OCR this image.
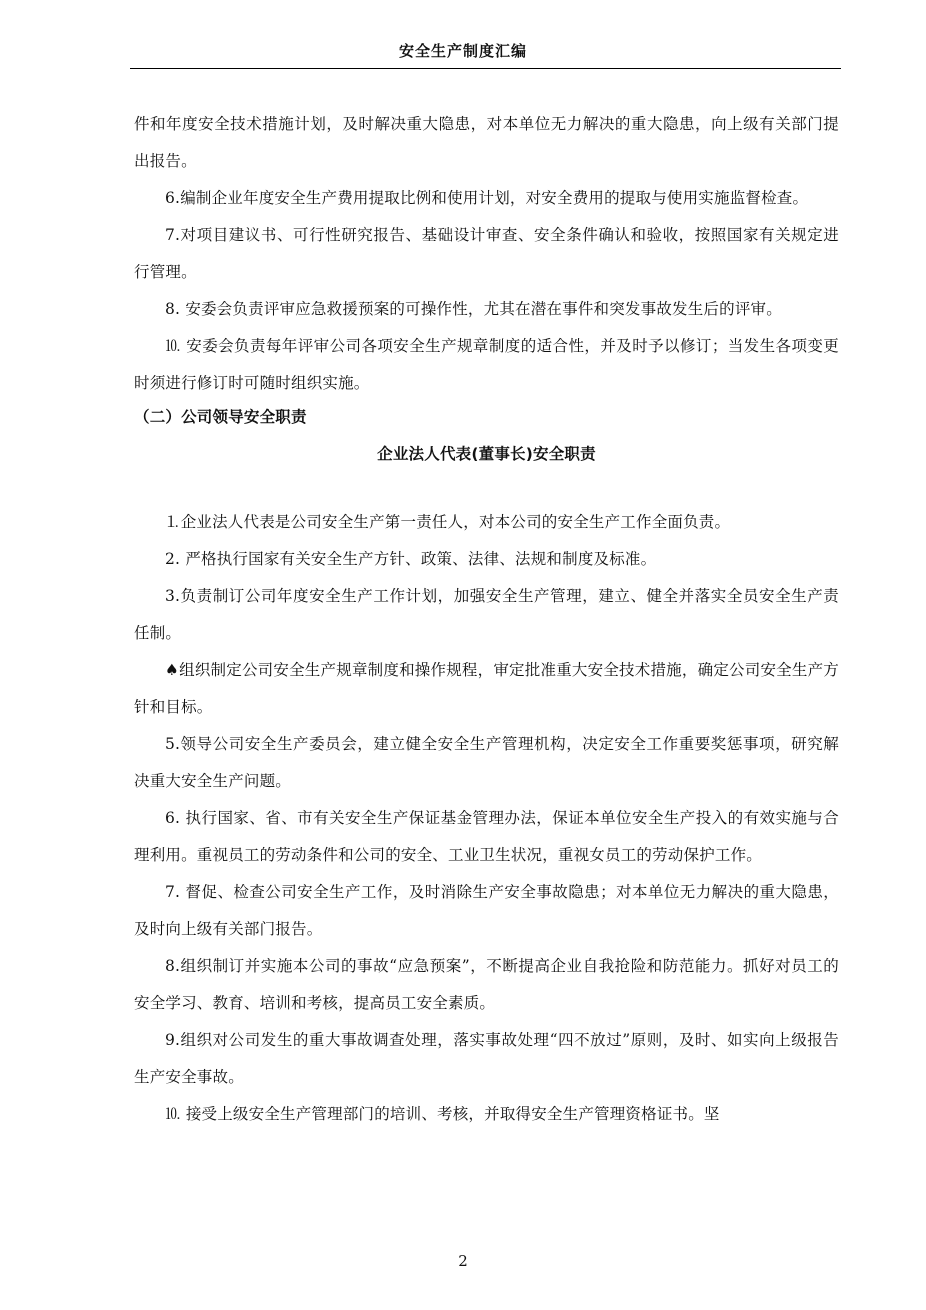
安全生产制度汇编

件和年度安全技术措施计划，及时解决重大隐患，对本单位无力解决的重大隐患，向上级有关部门提出报告。

6.编制企业年度安全生产费用提取比例和使用计划，对安全费用的提取与使用实施监督检查。

7.对项目建议书、可行性研究报告、基础设计审查、安全条件确认和验收，按照国家有关规定进行管理。

8. 安委会负责评审应急救援预案的可操作性，尤其在潜在事件和突发事故发生后的评审。

⒑ 安委会负责每年评审公司各项安全生产规章制度的适合性，并及时予以修订；当发生各项变更时须进行修订时可随时组织实施。

（二）公司领导安全职责

企业法人代表(董事长)安全职责

⒈企业法人代表是公司安全生产第一责任人，对本公司的安全生产工作全面负责。

2. 严格执行国家有关安全生产方针、政策、法律、法规和制度及标准。

3.负责制订公司年度安全生产工作计划，加强安全生产管理，建立、健全并落实全员安全生产责任制。

♠组织制定公司安全生产规章制度和操作规程，审定批准重大安全技术措施，确定公司安全生产方针和目标。

5.领导公司安全生产委员会，建立健全安全生产管理机构，决定安全工作重要奖惩事项，研究解决重大安全生产问题。

6. 执行国家、省、市有关安全生产保证基金管理办法，保证本单位安全生产投入的有效实施与合理利用。重视员工的劳动条件和公司的安全、工业卫生状况，重视女员工的劳动保护工作。

7. 督促、检查公司安全生产工作，及时消除生产安全事故隐患；对本单位无力解决的重大隐患，及时向上级有关部门报告。

8.组织制订并实施本公司的事故“应急预案”，不断提高企业自我抢险和防范能力。抓好对员工的安全学习、教育、培训和考核，提高员工安全素质。

9.组织对公司发生的重大事故调查处理，落实事故处理“四不放过”原则，及时、如实向上级报告生产安全事故。

⒑ 接受上级安全生产管理部门的培训、考核，并取得安全生产管理资格证书。坚

2
